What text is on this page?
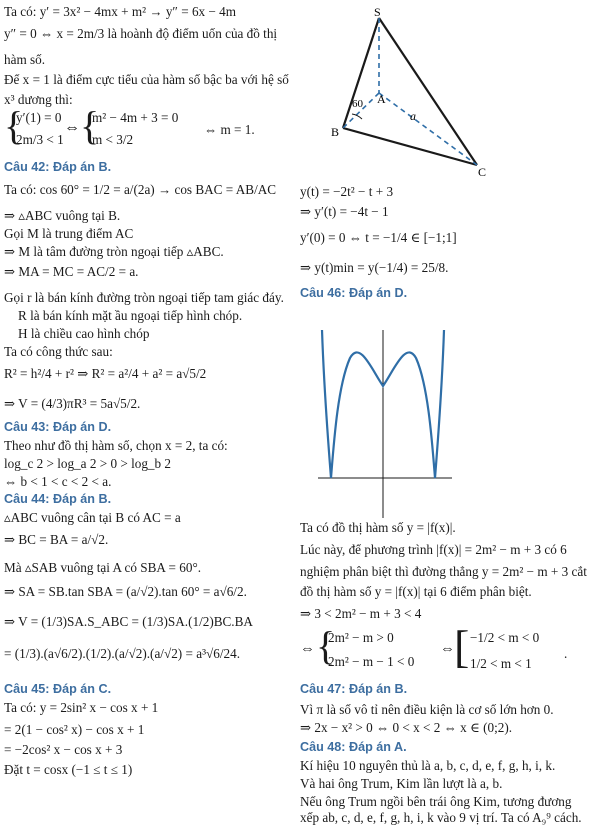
Ta có: y′ = 3x² − 4mx + m² → y″ = 6x − 4m
y″ = 0 ⇔ x = 2m/3 là hoành độ điểm uốn của đồ thị
hàm số.
Để x = 1 là điểm cực tiểu của hàm số bậc ba với hệ số
x³ dương thì:
{
y′(1) = 0
2m/3 < 1
⇔ {
m² − 4m + 3 = 0
m < 3/2
⇔ m = 1.
Câu 42: Đáp án B.
Ta có: cos 60° = 1/2 = a/(2a) → cos BAC = AB/AC
⇒ ▵ABC vuông tại B.
Gọi M là trung điểm AC
⇒ M là tâm đường tròn ngoại tiếp ▵ABC.
⇒ MA = MC = AC/2 = a.
Gọi r là bán kính đường tròn ngoại tiếp tam giác đáy.
R là bán kính mặt ầu ngoại tiếp hình chóp.
H là chiều cao hình chóp
Ta có công thức sau:
R² = h²/4 + r² ⇒ R² = a²/4 + a² = a√5/2
⇒ V = (4/3)πR³ = 5a√5/2.
Câu 43: Đáp án D.
Theo như đồ thị hàm số, chọn x = 2, ta có:
log_c 2 > log_a 2 > 0 > log_b 2
⇔ b < 1 < c < 2 < a.
Câu 44: Đáp án B.
▵ABC vuông cân tại B có AC = a
⇒ BC = BA = a/√2.
Mà ▵SAB vuông tại A có SBA = 60°.
⇒ SA = SB.tan SBA = (a/√2).tan 60° = a√6/2.
⇒ V = (1/3)SA.S_ABC = (1/3)SA.(1/2)BC.BA
= (1/3).(a√6/2).(1/2).(a/√2).(a/√2) = a³√6/24.
Câu 45: Đáp án C.
Ta có: y = 2sin² x − cos x + 1
= 2(1 − cos² x) − cos x + 1
= −2cos² x − cos x + 3
Đặt t = cosx (−1 ≤ t ≤ 1)
S
A
B
C
60
a
y(t) = −2t² − t + 3
⇒ y′(t) = −4t − 1
y′(0) = 0 ⇔ t = −1/4 ∈ [−1;1]
⇒ y(t)min = y(−1/4) = 25/8.
Câu 46: Đáp án D.
Ta có đồ thị hàm số y = |f(x)|.
Lúc này, để phương trình |f(x)| = 2m² − m + 3 có 6
nghiệm phân biệt thì đường thẳng y = 2m² − m + 3 cắt
đồ thị hàm số y = |f(x)| tại 6 điểm phân biệt.
⇒ 3 < 2m² − m + 3 < 4
⇔ {
2m² − m > 0
2m² − m − 1 < 0
⇔ [ −1/2 < m < 0
1/2 < m < 1
.
Câu 47: Đáp án B.
Vì π là số vô tỉ nên điều kiện là cơ số lớn hơn 0.
⇒ 2x − x² > 0 ⇔ 0 < x < 2 ⇔ x ∈ (0;2).
Câu 48: Đáp án A.
Kí hiệu 10 nguyên thủ là a, b, c, d, e, f, g, h, i, k.
Và hai ông Trum, Kim lần lượt là a, b.
Nếu ông Trum ngồi bên trái ông Kim, tương đương
xếp ab, c, d, e, f, g, h, i, k vào 9 vị trí. Ta có A₉⁹ cách.
